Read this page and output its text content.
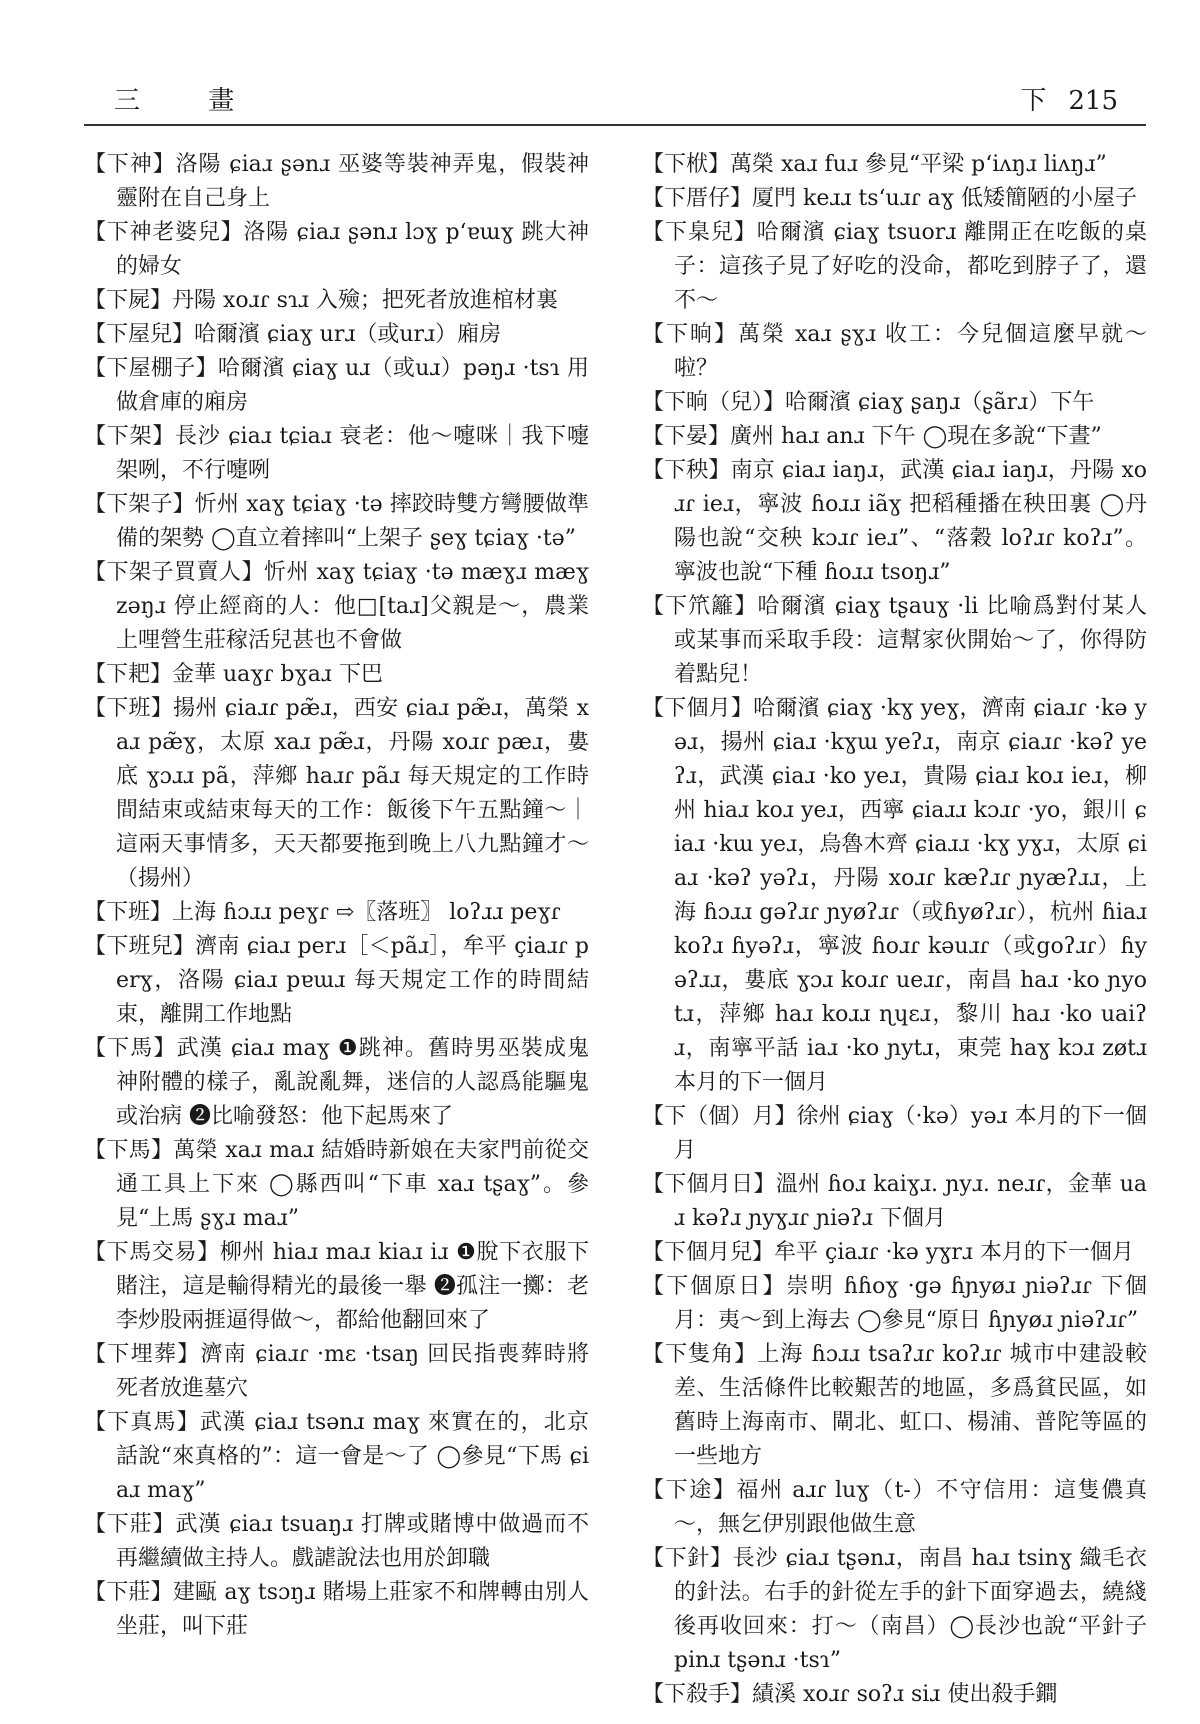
三 畫	下 215

【下神】洛陽 ɕiaɹ ʂənɹ 巫婆等裝神弄鬼，假裝神靈附在自己身上

【下神老婆兒】洛陽 ɕiaɹ ʂənɹ lɔɣ pʻɐɯɣ 跳大神的婦女

【下屍】丹陽 xoɹɾ sɿɹ 入殮；把死者放進棺材裏

【下屋兒】哈爾濱 ɕiaɣ urɹ（或urɹ）廂房

【下屋棚子】哈爾濱 ɕiaɣ uɹ（或uɹ）pəŋɹ ·tsɿ 用做倉庫的廂房

【下架】長沙 ɕiaɹ tɕiaɹ 衰老：他～嚏咪｜我下嚏架咧，不行嚏咧

【下架子】忻州 xaɣ tɕiaɣ ·tə 摔跤時雙方彎腰做準備的架勢 ◯直立着摔叫“上架子 ʂeɣ tɕiaɣ ·tə”

【下架子買賣人】忻州 xaɣ tɕiaɣ ·tə mæɣɹ mæɣ zəŋɹ 停止經商的人：他□[taɹ]父親是～，農業上哩營生莊稼活兒甚也不會做

【下耙】金華 uaɣɾ bɣaɹ 下巴

【下班】揚州 ɕiaɹɾ pæ̃ɹ，西安 ɕiaɹ pæ̃ɹ，萬榮 xaɹ pæ̃ɣ，太原 xaɹ pæ̃ɹ，丹陽 xoɹɾ pæɹ，婁底 ɣɔɹɹ pã，萍鄉 haɹɾ pãɹ 每天規定的工作時間結束或結束每天的工作：飯後下午五點鐘～｜這兩天事情多，天天都要拖到晚上八九點鐘才～（揚州）

【下班】上海 ɦɔɹɹ peɣɾ ⇨〖落班〗 loʔɹɹ peɣɾ

【下班兒】濟南 ɕiaɹ perɹ［＜pãɹ］，牟平 çiaɹɾ perɣ，洛陽 ɕiaɹ pɐɯɹ 每天規定工作的時間結束，離開工作地點

【下馬】武漢 ɕiaɹ maɣ ❶跳神。舊時男巫裝成鬼神附體的樣子，亂說亂舞，迷信的人認爲能驅鬼或治病 ❷比喻發怒：他下起馬來了

【下馬】萬榮 xaɹ maɹ 結婚時新娘在夫家門前從交通工具上下來 ◯縣西叫“下車 xaɹ tʂaɣ”。參見“上馬 ʂɣɹ maɹ”

【下馬交易】柳州 hiaɹ maɹ kiaɹ iɹ ❶脫下衣服下賭注，這是輸得精光的最後一舉 ❷孤注一擲：老李炒股兩捱逼得做～，都給他翻回來了

【下埋葬】濟南 ɕiaɹɾ ·mɛ ·tsaŋ 回民指喪葬時將死者放進墓穴

【下真馬】武漢 ɕiaɹ tsənɹ maɣ 來實在的，北京話說“來真格的”：這一會是～了 ◯參見“下馬 ɕiaɹ maɣ”

【下莊】武漢 ɕiaɹ tsuaŋɹ 打牌或賭博中做過而不再繼續做主持人。戲謔說法也用於卸職

【下莊】建甌 aɣ tsɔŋɹ 賭場上莊家不和牌轉由別人坐莊，叫下莊

【下栿】萬榮 xaɹ fuɹ 參見“平梁 pʻiʌŋɹ liʌŋɹ”

【下厝仔】厦門 keɹɹ tsʻuɹɾ aɣ 低矮簡陋的小屋子

【下臬兒】哈爾濱 ɕiaɣ tsuorɹ 離開正在吃飯的桌子：這孩子見了好吃的没命，都吃到脖子了，還不～

【下晌】萬榮 xaɹ ʂɣɹ 收工：今兒個這麼早就～啦？

【下晌（兒）】哈爾濱 ɕiaɣ ʂaŋɹ（ʂãrɹ）下午

【下晏】廣州 haɹ anɹ 下午 ◯現在多說“下晝”

【下秧】南京 ɕiaɹ iaŋɹ，武漢 ɕiaɹ iaŋɹ，丹陽 xoɹɾ ieɹ，寧波 ɦoɹɹ iãɣ 把稻種播在秧田裏 ◯丹陽也說“交秧 kɔɹɾ ieɹ”、“落穀 loʔɹɾ koʔɹ”。寧波也說“下種 ɦoɹɹ tsoŋɹ”

【下笊籬】哈爾濱 ɕiaɣ tʂauɣ ·li 比喻爲對付某人或某事而采取手段：這幫家伙開始～了，你得防着點兒！

【下個月】哈爾濱 ɕiaɣ ·kɣ yeɣ，濟南 ɕiaɹɾ ·kə yəɹ，揚州 ɕiaɹ ·kɣɯ yeʔɹ，南京 ɕiaɹɾ ·kəʔ yeʔɹ，武漢 ɕiaɹ ·ko yeɹ，貴陽 ɕiaɹ koɹ ieɹ，柳州 hiaɹ koɹ yeɹ，西寧 ɕiaɹɹ kɔɹɾ ·yo，銀川 ɕiaɹ ·kɯ yeɹ，烏魯木齊 ɕiaɹɹ ·kɣ yɣɹ，太原 ɕiaɹ ·kəʔ yəʔɹ，丹陽 xoɹɾ kæʔɹɾ ɲyæʔɹɹ，上海 ɦɔɹɹ gəʔɹɾ ɲyøʔɹɾ（或ɦyøʔɹɾ），杭州 ɦiaɹ koʔɹ ɦyəʔɹ，寧波 ɦoɹɾ kəuɹɾ（或goʔɹɾ）ɦyəʔɹɹ，婁底 ɣɔɹ koɹɾ ueɹɾ，南昌 haɹ ·ko ɲyotɹ，萍鄉 haɹ koɹɹ ɳɥɛɹ，黎川 haɹ ·ko uaiʔɹ，南寧平話 iaɹ ·ko ɲytɹ，東莞 haɣ kɔɹ zøtɹ 本月的下一個月

【下（個）月】徐州 ɕiaɣ（·kə）yəɹ 本月的下一個月

【下個月日】溫州 ɦoɹ kaiɣɹ. ɲyɹ. neɹɾ，金華 uaɹ kəʔɹ ɲyɣɹɾ ɲiəʔɹ 下個月

【下個月兒】牟平 çiaɹɾ ·kə yɣrɹ 本月的下一個月

【下個原日】崇明 ɦɦoɣ ·gə ɦɲyøɹ ɲiəʔɹɾ 下個月：夷～到上海去 ◯參見“原日 ɦɲyøɹ ɲiəʔɹɾ”

【下隻角】上海 ɦɔɹɹ tsaʔɹɾ koʔɹɾ 城市中建設較差、生活條件比較艱苦的地區，多爲貧民區，如舊時上海南市、閘北、虹口、楊浦、普陀等區的一些地方

【下途】福州 aɹɾ luɣ（t-）不守信用：這隻儂真～，無乞伊別跟他做生意

【下針】長沙 ɕiaɹ tʂənɹ，南昌 haɹ tsinɣ 織毛衣的針法。右手的針從左手的針下面穿過去，繞綫後再收回來：打～（南昌）◯長沙也說“平針子 pinɹ tʂənɹ ·tsɿ”

【下殺手】績溪 xoɹɾ soʔɹ siɹ 使出殺手鐧
